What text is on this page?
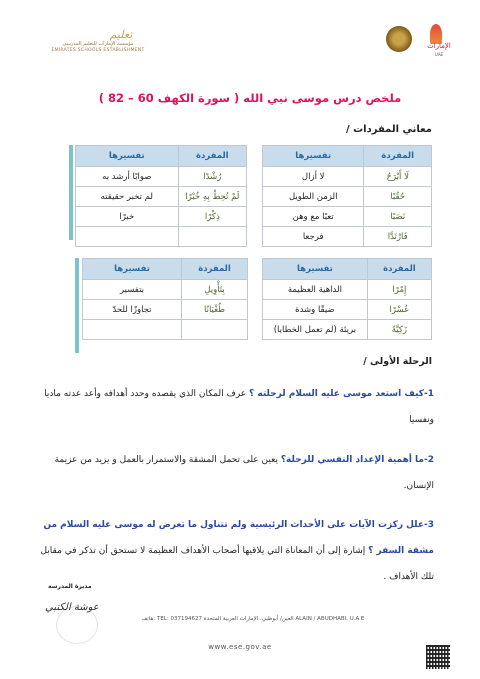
تعليم
مؤسسة الإمارات للتعليم المدرسي
EMIRATES SCHOOLS ESTABLISHMENT
الإمارات
UAE
ملخص درس موسى نبي الله ( سورة الكهف 60 – 82 )
معاني المفردات /
المفردة	تفسيرها
لَا أَبْرَحُ	لا أزال
حُقُبًا	الزمن الطويل
نَصَبًا	تعبًا مع وهن
فَارْتَدَّا	فرجعا
المفردة	تفسيرها
رُشْدًا	صوابًا أرشد به
لَمْ تُحِطْ بِهِ خُبْرًا	لم تخبر حقيقته
ذِكْرًا	خبرًا

المفردة	تفسيرها
إِمْرًا	الداهية العظيمة
عُسْرًا	ضيقًا وشدة
زَكِيَّةً	بريئة (لم تعمل الخطايا)
المفردة	تفسيرها
بِتَأْوِيلِ	بتفسير
طُغْيَانًا	تجاوزًا للحدّ

الرحلة الأولى /
1-كيف استعد موسى عليه السلام لرحلته ؟ عرف المكان الذي يقصده وحدد أهدافه وأعد عدته ماديا ونفسيا
2-ما أهمية الإعداد النفسي للرحلة؟ يعين على تحمل المشقة والاستمرار بالعمل و يزيد من عزيمة الإنسان.
3-علل ركزت الآيات على الأحداث الرئيسية ولم تتناول ما تعرض له موسى عليه السلام من مشقة السفر ؟ إشارة إلى أن المعاناة التي يلاقيها أصحاب الأهداف العظيمة لا تستحق أن تذكر في مقابل تلك الأهداف .
مديرة المدرسة
عوشة الكتبي
هاتف: TEL: 037194627 العين/ أبوظبي، الإمارات العربية المتحدة ALAIN / ABUDHABI, U.A.E
www.ese.gov.ae
